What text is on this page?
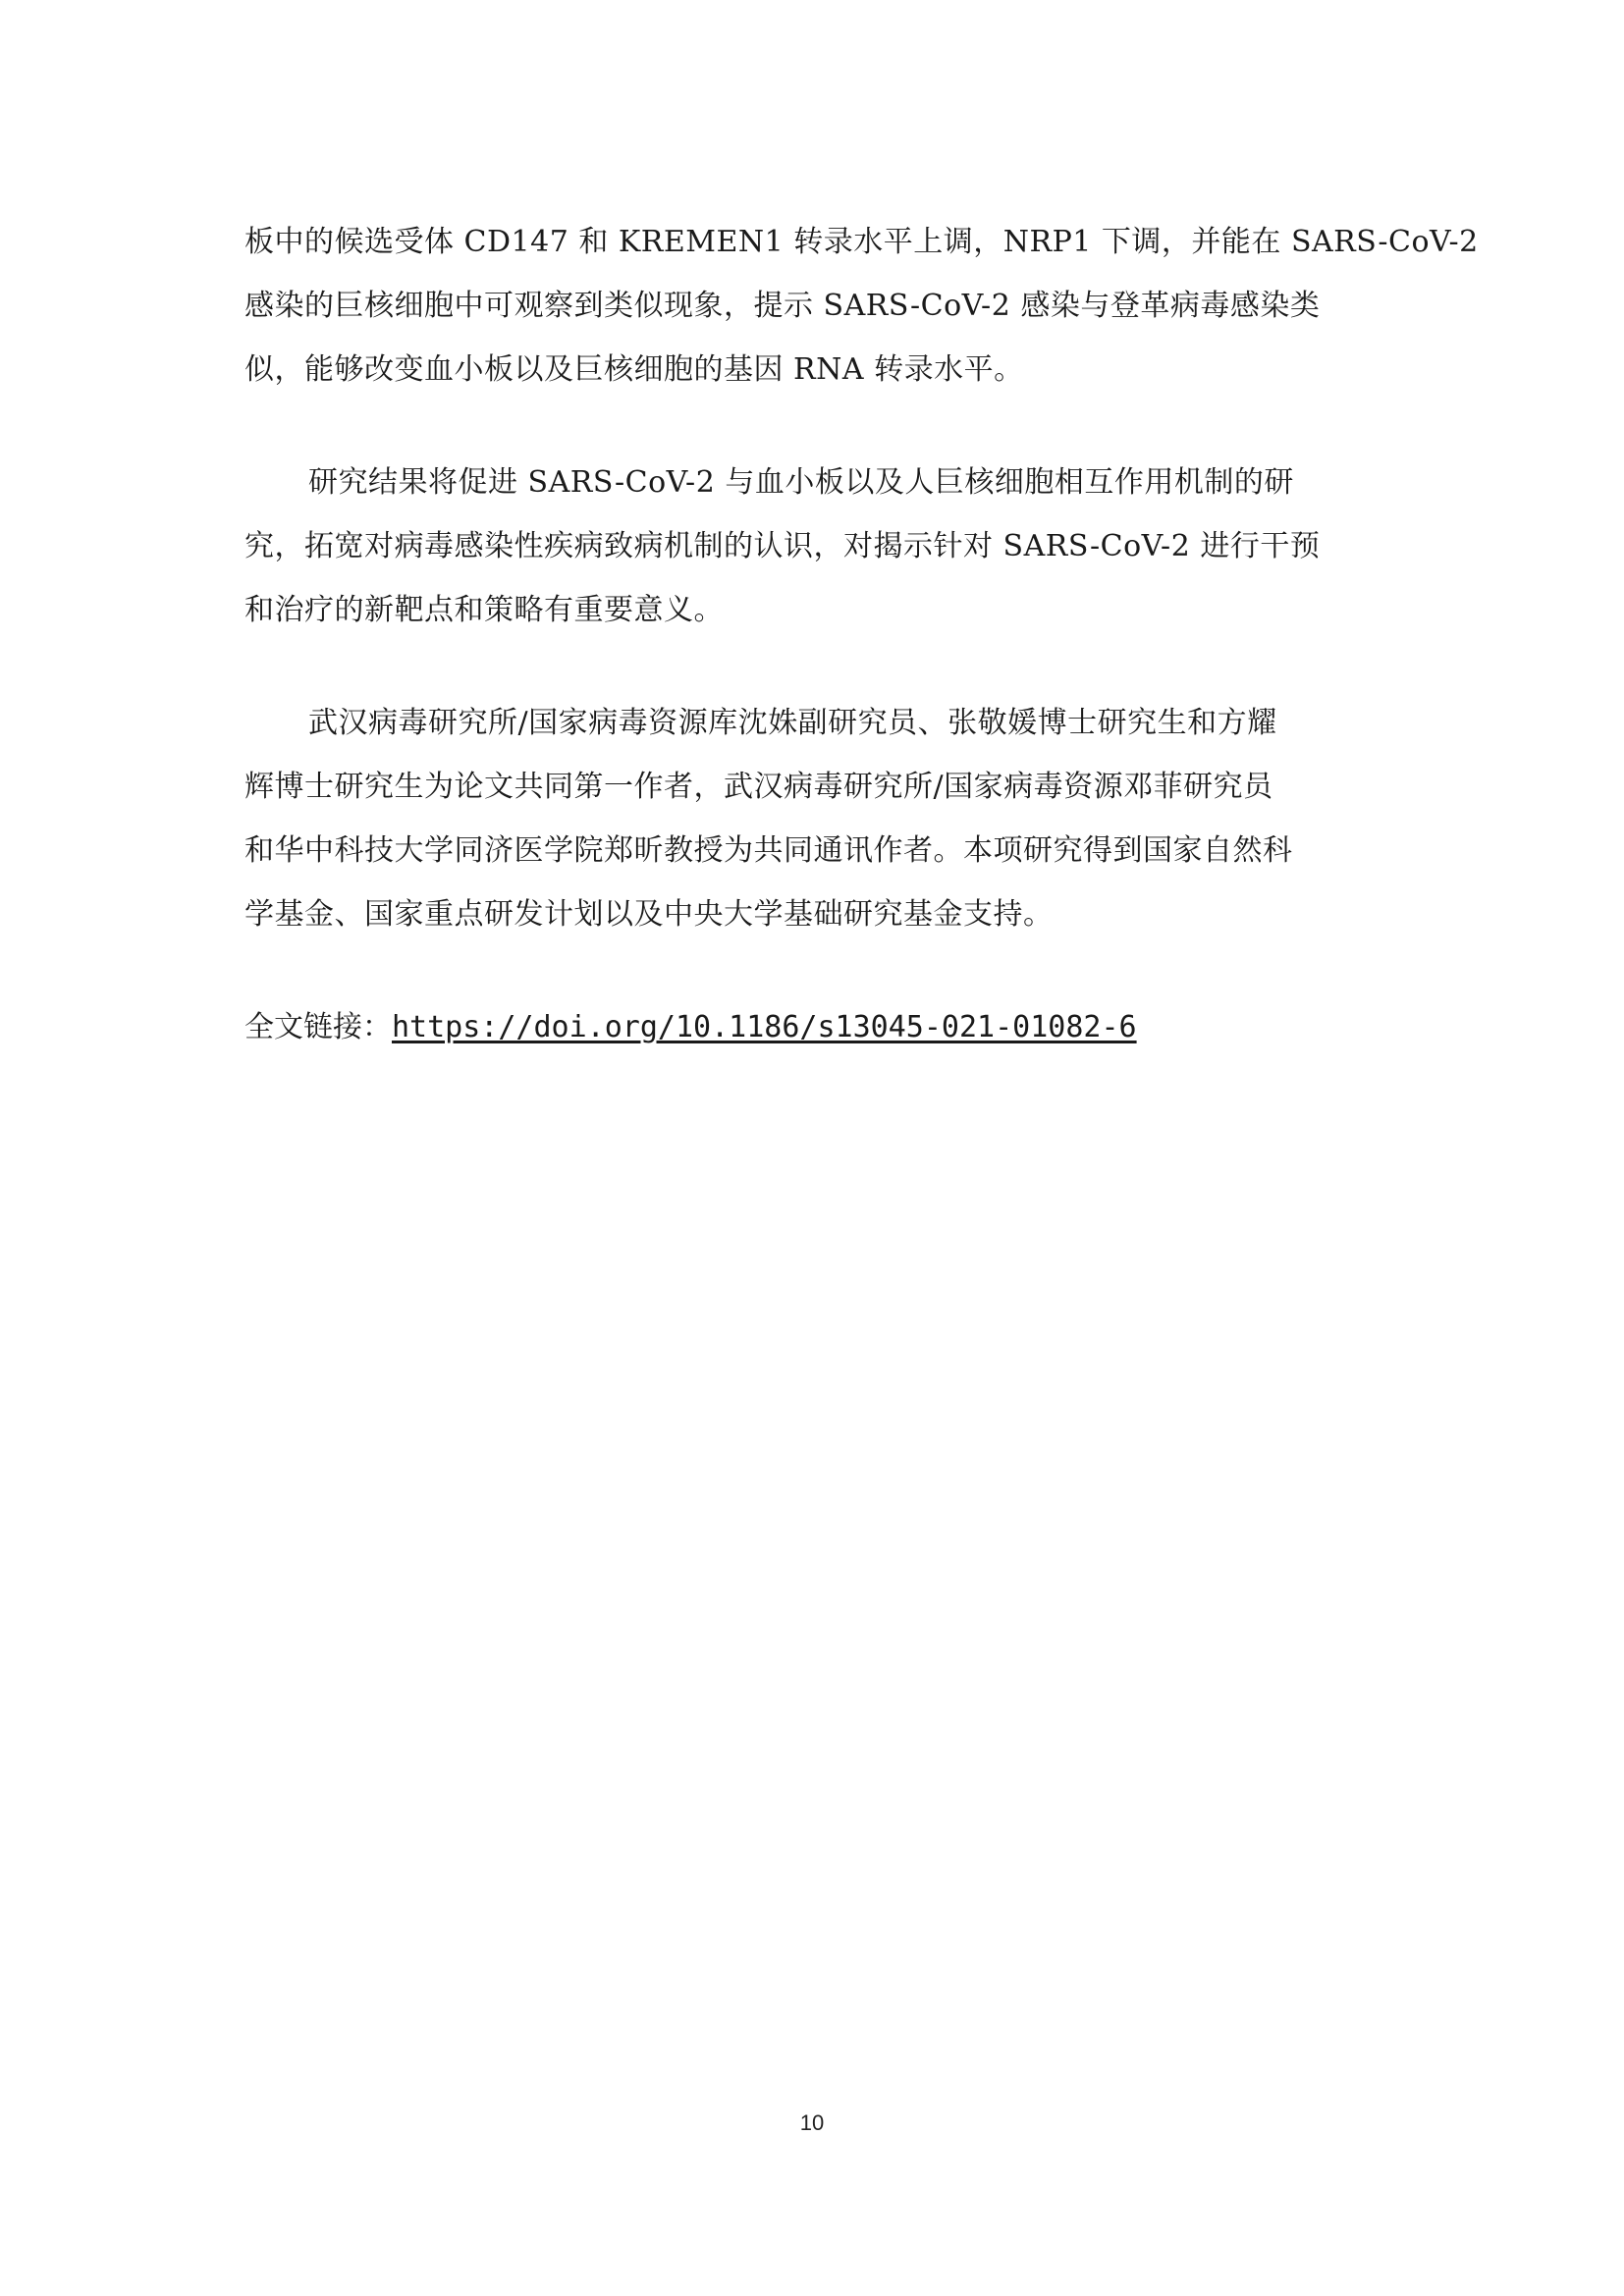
板中的候选受体 CD147 和 KREMEN1 转录水平上调，NRP1 下调，并能在 SARS-CoV-2
感染的巨核细胞中可观察到类似现象，提示 SARS-CoV-2 感染与登革病毒感染类
似，能够改变血小板以及巨核细胞的基因 RNA 转录水平。
研究结果将促进 SARS-CoV-2 与血小板以及人巨核细胞相互作用机制的研
究，拓宽对病毒感染性疾病致病机制的认识，对揭示针对 SARS-CoV-2 进行干预
和治疗的新靶点和策略有重要意义。
武汉病毒研究所/国家病毒资源库沈姝副研究员、张敬媛博士研究生和方耀
辉博士研究生为论文共同第一作者，武汉病毒研究所/国家病毒资源邓菲研究员
和华中科技大学同济医学院郑昕教授为共同通讯作者。本项研究得到国家自然科
学基金、国家重点研发计划以及中央大学基础研究基金支持。
全文链接：https://doi.org/10.1186/s13045-021-01082-6
10
